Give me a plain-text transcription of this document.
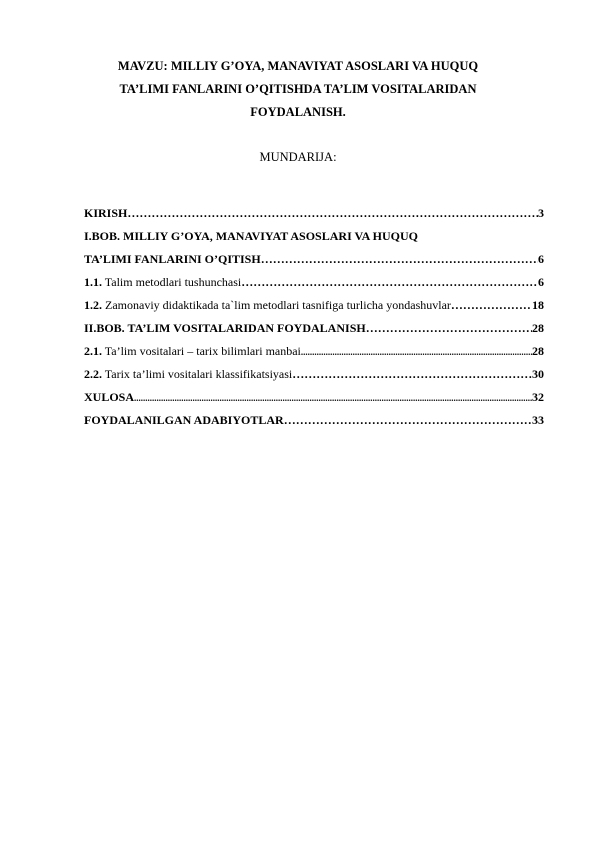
MAVZU: MILLIY G’OYA, MANAVIYAT ASOSLARI VA HUQUQ
TA’LIMI FANLARINI O’QITISHDA TA’LIM VOSITALARIDAN
FOYDALANISH.
MUNDARIJA:
KIRISH ……………………………………………………………………………………………………………………………………………………………………………………	3
I.BOB. MILLIY G’OYA, MANAVIYAT ASOSLARI VA HUQUQ
TA’LIMI FANLARINI O’QITISH ……………………………………………………………………………………………………………………………………………………………………………………	6
1.1. Talim metodlari tushunchasi ……………………………………………………………………………………………………………………………………………………………………………………	6
1.2. Zamonaviy didaktikada ta`lim metodlari tasnifiga turlicha yondashuvlar ……………………………………………………………………………………………………………………………………………………………………………………	18
II.BOB. TA’LIM VOSITALARIDAN FOYDALANISH ……………………………………………………………………………………………………………………………………………………………………………………	28
2.1. Ta’lim vositalari – tarix bilimlari manbai .....	28
2.2. Tarix ta’limi vositalari klassifikatsiyasi ……………………………………………………………………………………………………………………………………………………………………………………	30
XULOSA .....	32
FOYDALANILGAN ADABIYOTLAR ……………………………………………………………………………………………………………………………………………………………………………………	33
